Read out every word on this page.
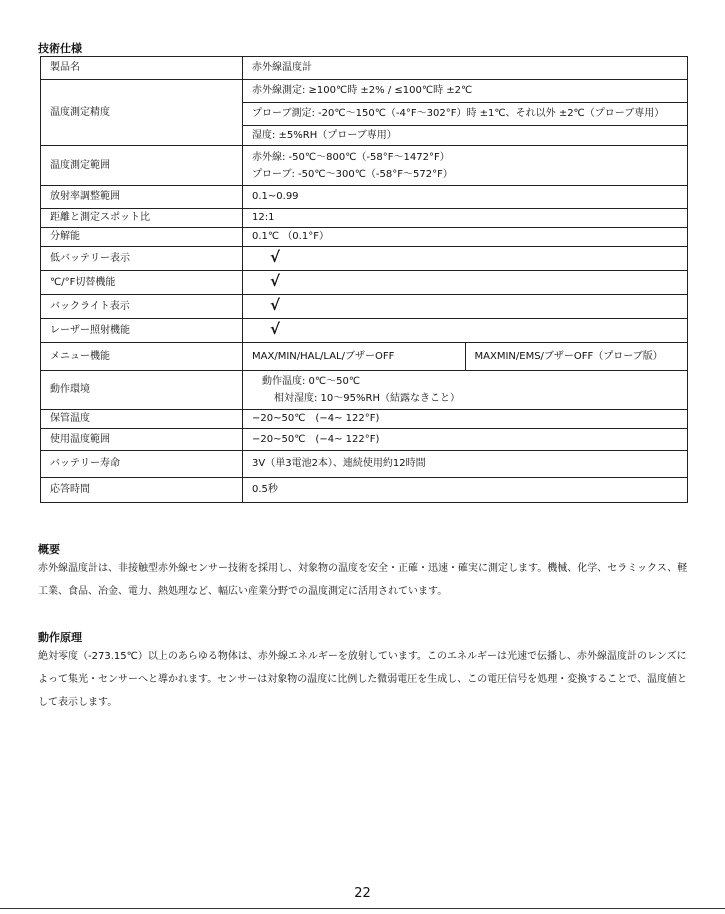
技術仕様
製品名	赤外線温度計	
温度測定精度	赤外線測定: ≥100℃時 ±2% / ≤100℃時 ±2℃	
	プローブ測定: -20℃～150℃（-4°F～302°F）時 ±1℃、それ以外 ±2℃（プローブ専用）	
	湿度: ±5%RH（プローブ専用）	
温度測定範囲	赤外線: -50℃～800℃（-58°F～1472°F）
プローブ: -50℃～300℃（-58°F～572°F）	

放射率調整範囲	0.1~0.99	
距離と測定スポット比	12:1	
分解能	0.1℃ （0.1°F）	
低バッテリー表示	√	
℃/°F切替機能	√	
バックライト表示	√	
レーザー照射機能	√	
メニュー機能	MAX/MIN/HAL/LAL/ブザーOFF	MAXMIN/EMS/ブザーOFF（プローブ版）
動作環境	動作温度: 0℃～50℃
相対湿度: 10～95%RH（結露なきこと）	

保管温度	−20~50℃　(−4~ 122°F)	
使用温度範囲	−20~50℃　(−4~ 122°F)	
バッテリー寿命	3V（単3電池2本）、連続使用約12時間	
応答時間	0.5秒	
概要
赤外線温度計は、非接触型赤外線センサー技術を採用し、対象物の温度を安全・正確・迅速・確実に測定します。機械、化学、セラミックス、軽工業、食品、冶金、電力、熱処理など、幅広い産業分野での温度測定に活用されています。
動作原理
絶対零度（-273.15℃）以上のあらゆる物体は、赤外線エネルギーを放射しています。このエネルギーは光速で伝播し、赤外線温度計のレンズによって集光・センサーへと導かれます。センサーは対象物の温度に比例した微弱電圧を生成し、この電圧信号を処理・変換することで、温度値として表示します。
22
